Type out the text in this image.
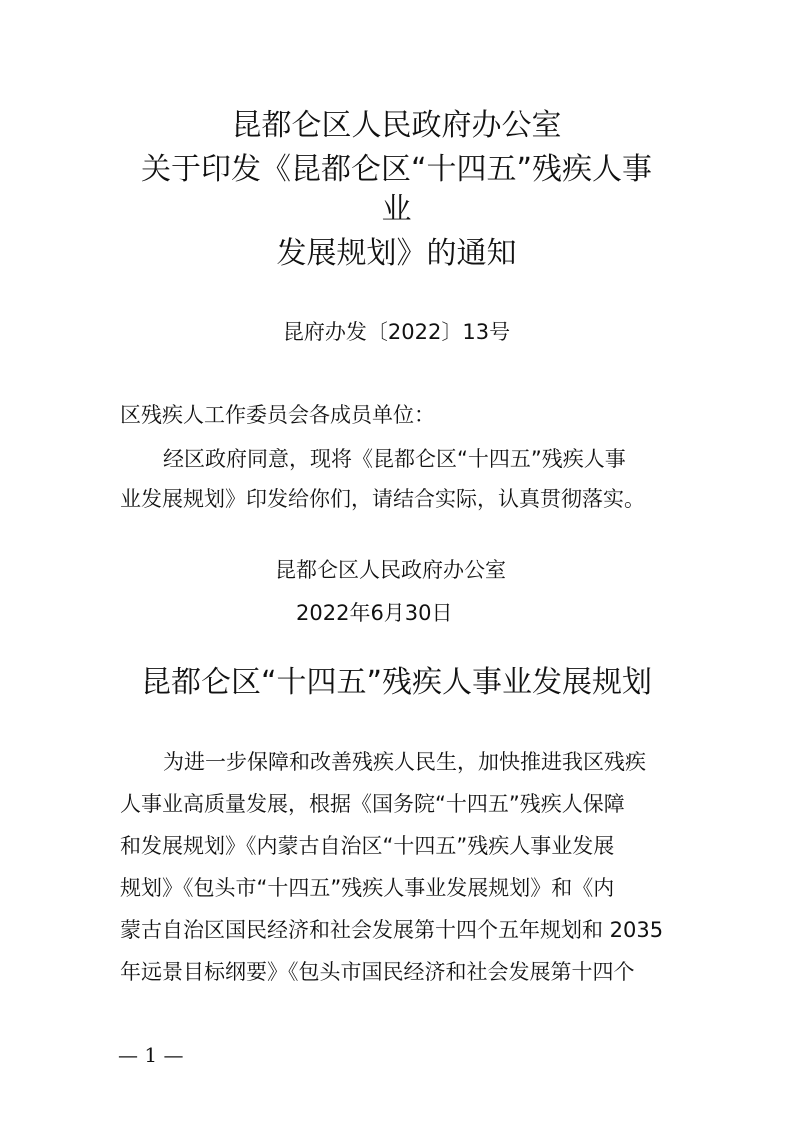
昆都仑区人民政府办公室
关于印发《昆都仑区“十四五”残疾人事
业
发展规划》的通知
昆府办发〔2022〕13号
区残疾人工作委员会各成员单位：
经区政府同意，现将《昆都仑区“十四五”残疾人事
业发展规划》印发给你们，请结合实际，认真贯彻落实。
昆都仑区人民政府办公室
2022年6月30日
昆都仑区“十四五”残疾人事业发展规划
为进一步保障和改善残疾人民生，加快推进我区残疾
人事业高质量发展，根据《国务院“十四五”残疾人保障
和发展规划》《内蒙古自治区“十四五”残疾人事业发展
规划》《包头市“十四五”残疾人事业发展规划》和《内
蒙古自治区国民经济和社会发展第十四个五年规划和 2035
年远景目标纲要》《包头市国民经济和社会发展第十四个
— 1 —
